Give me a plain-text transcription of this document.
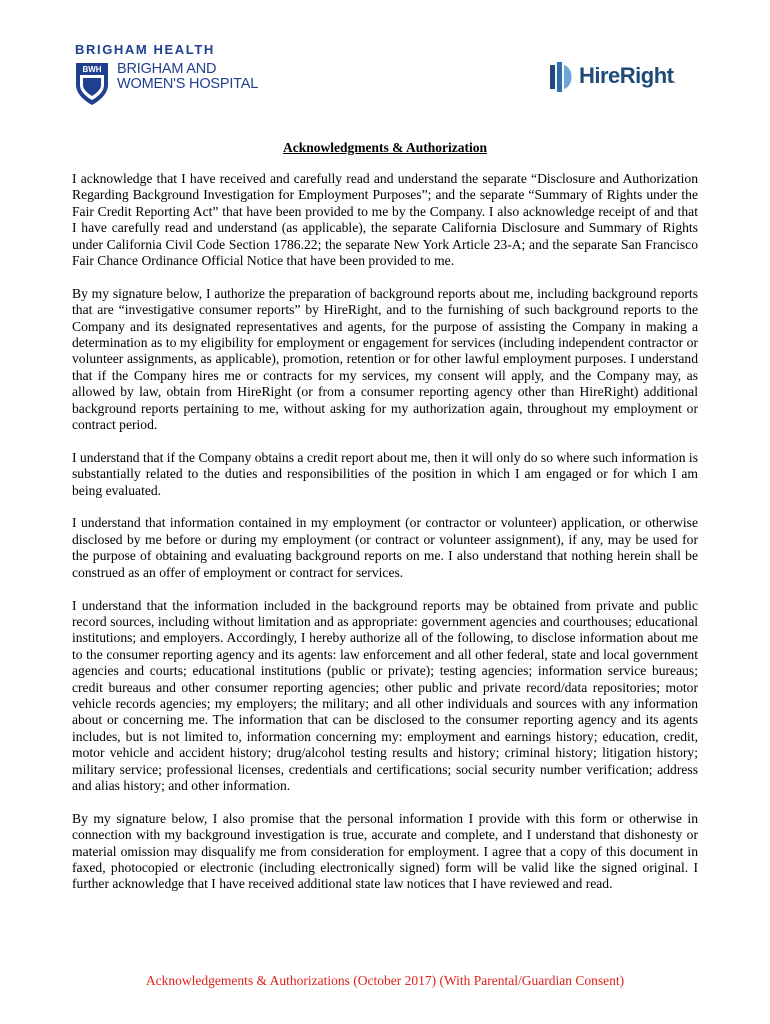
BRIGHAM HEALTH
BWH BRIGHAM AND
WOMEN'S HOSPITAL	HireRight.
Acknowledgments & Authorization

I acknowledge that I have received and carefully read and understand the separate “Disclosure and Authorization Regarding Background Investigation for Employment Purposes”; and the separate “Summary of Rights under the Fair Credit Reporting Act” that have been provided to me by the Company. I also acknowledge receipt of and that I have carefully read and understand (as applicable), the separate California Disclosure and Summary of Rights under California Civil Code Section 1786.22; the separate New York Article 23-A; and the separate San Francisco Fair Chance Ordinance Official Notice that have been provided to me.

By my signature below, I authorize the preparation of background reports about me, including background reports that are “investigative consumer reports” by HireRight, and to the furnishing of such background reports to the Company and its designated representatives and agents, for the purpose of assisting the Company in making a determination as to my eligibility for employment or engagement for services (including independent contractor or volunteer assignments, as applicable), promotion, retention or for other lawful employment purposes. I understand that if the Company hires me or contracts for my services, my consent will apply, and the Company may, as allowed by law, obtain from HireRight (or from a consumer reporting agency other than HireRight) additional background reports pertaining to me, without asking for my authorization again, throughout my employment or contract period.

I understand that if the Company obtains a credit report about me, then it will only do so where such information is substantially related to the duties and responsibilities of the position in which I am engaged or for which I am being evaluated.

I understand that information contained in my employment (or contractor or volunteer) application, or otherwise disclosed by me before or during my employment (or contract or volunteer assignment), if any, may be used for the purpose of obtaining and evaluating background reports on me. I also understand that nothing herein shall be construed as an offer of employment or contract for services.

I understand that the information included in the background reports may be obtained from private and public record sources, including without limitation and as appropriate: government agencies and courthouses; educational institutions; and employers. Accordingly, I hereby authorize all of the following, to disclose information about me to the consumer reporting agency and its agents: law enforcement and all other federal, state and local government agencies and courts; educational institutions (public or private); testing agencies; information service bureaus; credit bureaus and other consumer reporting agencies; other public and private record/data repositories; motor vehicle records agencies; my employers; the military; and all other individuals and sources with any information about or concerning me. The information that can be disclosed to the consumer reporting agency and its agents includes, but is not limited to, information concerning my: employment and earnings history; education, credit, motor vehicle and accident history; drug/alcohol testing results and history; criminal history; litigation history; military service; professional licenses, credentials and certifications; social security number verification; address and alias history; and other information.

By my signature below, I also promise that the personal information I provide with this form or otherwise in connection with my background investigation is true, accurate and complete, and I understand that dishonesty or material omission may disqualify me from consideration for employment. I agree that a copy of this document in faxed, photocopied or electronic (including electronically signed) form will be valid like the signed original. I further acknowledge that I have received additional state law notices that I have reviewed and read.

Acknowledgements & Authorizations (October 2017) (With Parental/Guardian Consent)
